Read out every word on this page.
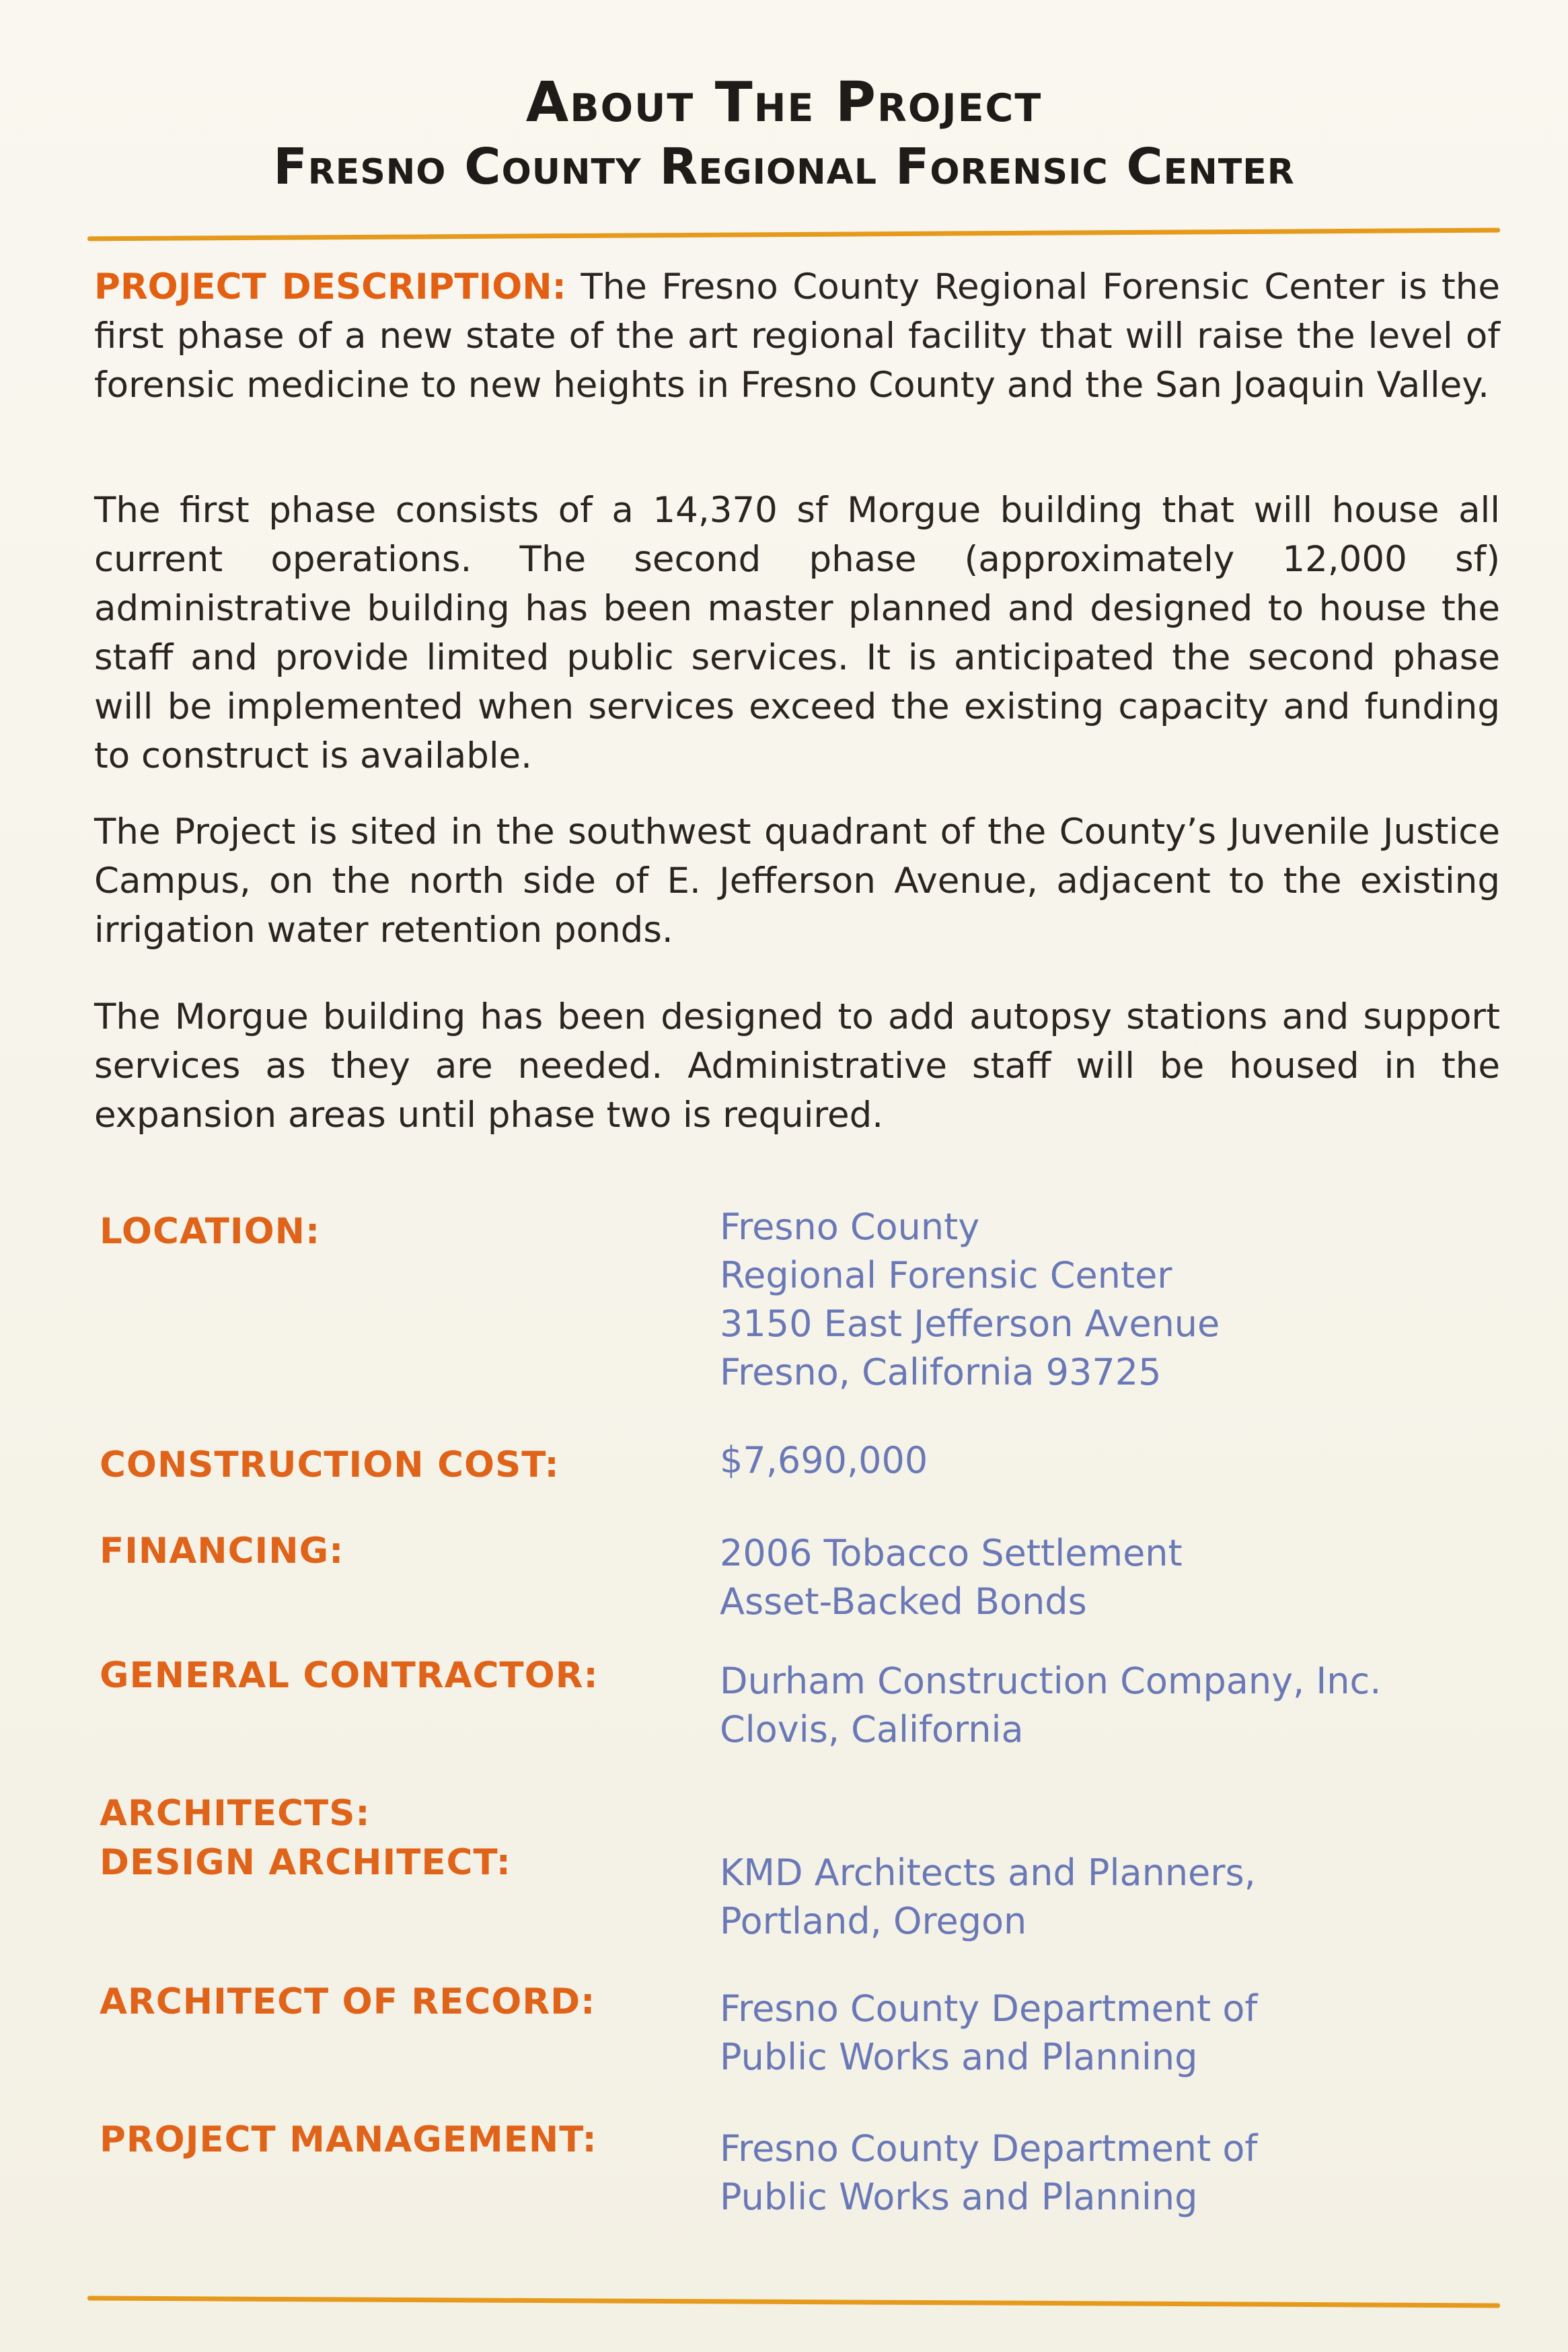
About The Project
Fresno County Regional Forensic Center

PROJECT DESCRIPTION: The Fresno County Regional Forensic Center is the first phase of a new state of the art regional facility that will raise the level of forensic medicine to new heights in Fresno County and the San Joaquin Valley.

The first phase consists of a 14,370 sf Morgue building that will house all current operations. The second phase (approximately 12,000 sf) administrative building has been master planned and designed to house the staff and provide limited public services. It is anticipated the second phase will be implemented when services exceed the existing capacity and funding to construct is available.

The Project is sited in the southwest quadrant of the County’s Juvenile Justice Campus, on the north side of E. Jefferson Avenue, adjacent to the existing irrigation water retention ponds.

The Morgue building has been designed to add autopsy stations and support services as they are needed. Administrative staff will be housed in the expansion areas until phase two is required.

LOCATION:	Fresno County
Regional Forensic Center
3150 East Jefferson Avenue
Fresno, California 93725
CONSTRUCTION COST:	$7,690,000
FINANCING:	2006 Tobacco Settlement
Asset-Backed Bonds
GENERAL CONTRACTOR:	Durham Construction Company, Inc.
Clovis, California
ARCHITECTS:
DESIGN ARCHITECT:	KMD Architects and Planners,
Portland, Oregon
ARCHITECT OF RECORD:	Fresno County Department of
Public Works and Planning
PROJECT MANAGEMENT:	Fresno County Department of
Public Works and Planning
